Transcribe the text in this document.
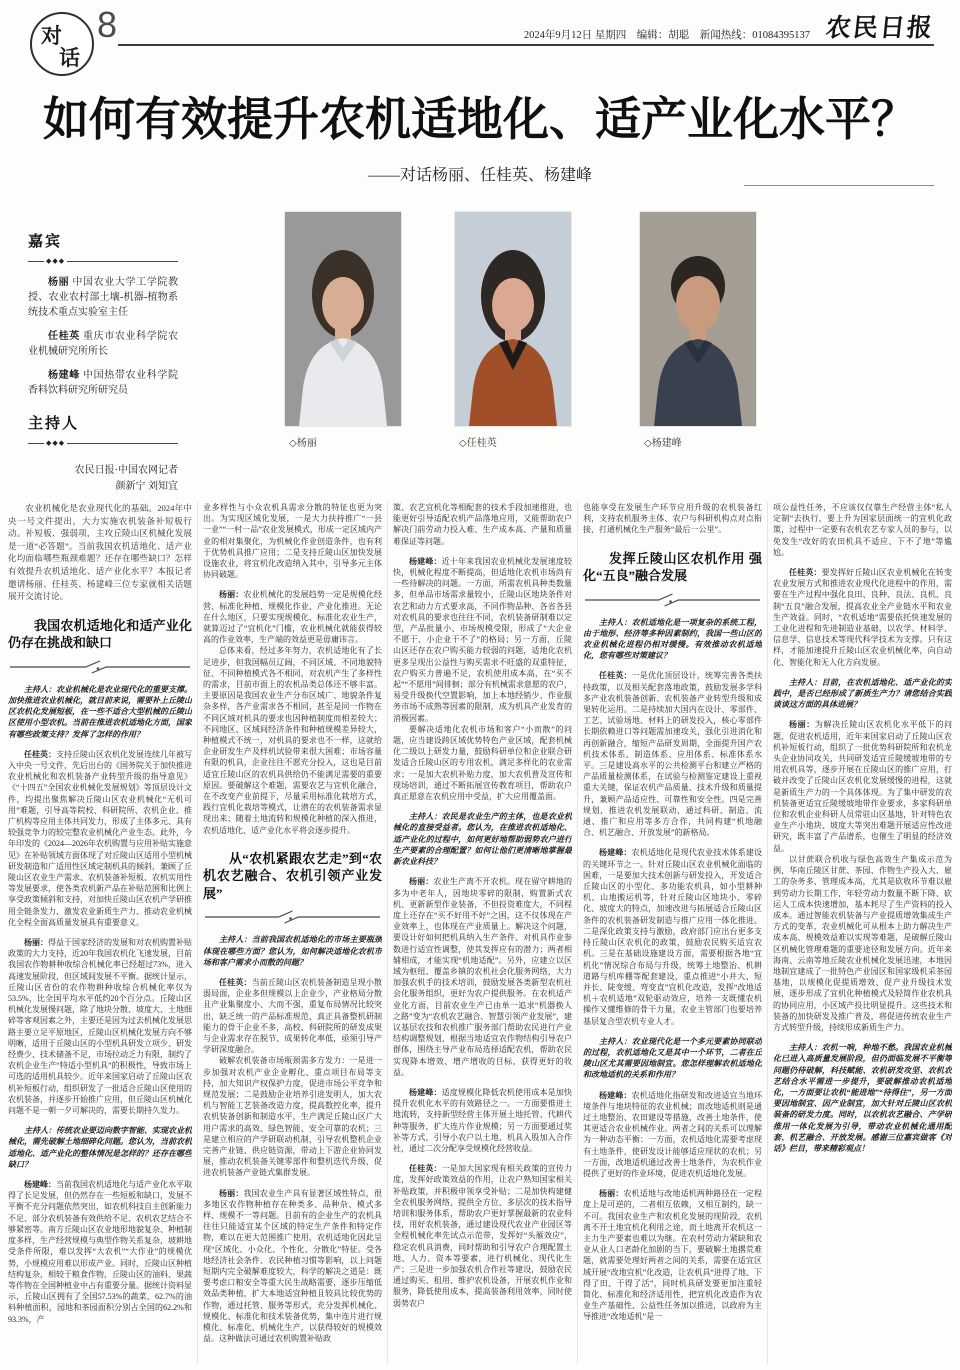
对
话
8	2024年9月12日 星期四　编辑：胡聪　新闻热线：01084395137 农民日报
如何有效提升农机适地化、适产业化水平？
——对话杨丽、任桂英、杨建峰
嘉宾
◆◆◆

杨丽 中国农业大学工学院教授、农业农村部土壤-机器-植物系统技术重点实验室主任

任桂英 重庆市农业科学院农业机械研究所所长

杨建峰 中国热带农业科学院香料饮料研究所研究员

主持人
◆◆◆
农民日报·中国农网记者
颜新宁 刘知宜
◇杨丽	◇任桂英	◇杨建峰

农业机械化是农业现代化的基础。2024年中央一号文件提出，大力实施农机装备补短板行动。补短板、强弱项，主攻丘陵山区机械化发展是一道“必答题”。当前我国农机适地化、适产业化均面临哪些瓶颈难题？还存在哪些缺口？怎样有效提升农机适地化、适产业化水平？本报记者邀请杨丽、任桂英、杨建峰三位专家就相关话题展开交流讨论。

我国农机适地化和适产业化仍存在挑战和缺口

主持人：农业机械化是农业现代化的重要支撑。加快推进农业机械化，就目前来说，需要补上丘陵山区农机化发展短板，在一些不适合大型机械的丘陵山区使用小型农机。当前在推进农机适地化方面，国家有哪些政策支持？发挥了怎样的作用？

任桂英：支持丘陵山区农机化发展连续几年被写入中央一号文件，先后出台的《国务院关于加快推进农业机械化和农机装备产业转型升级的指导意见》《“十四五”全国农业机械化发展规划》等顶层设计文件，均提出聚焦解决丘陵山区农业机械化“无机可用”难题，引导高等院校、科研院所、农机企业、推广机构等应用主体共同发力，形成了主体多元、具有较强竞争力的较完整农业机械化产业生态。此外，今年印发的《2024—2026年农机购置与应用补贴实施意见》在补贴领域方面体现了对丘陵山区适用小型机械研发制造和广适用性区域定制机具的倾斜，兼顾了丘陵山区农业生产需求、农机装备补短板、农机实用性等发展要求，使各类农机新产品在补贴范围和比例上享受政策倾斜和支持，对加快丘陵山区农机产学研推用全链条发力、激发农业新质生产力、推动农业机械化全程全面高质量发展具有重要意义。

杨丽：得益于国家经济的发展和对农机购置补贴政策的大力支持，近20年我国农机化飞速发展，目前我国农作物耕种收综合机械化率已经超过73%，进入高速发展阶段，但区域间发展不平衡。据统计显示，丘陵山区省份的农作物耕种收综合机械化率仅为53.5%，比全国平均水平低约20个百分点。丘陵山区机械化发展慢问题，除了地块分散、坡度大、土地细碎等客观因素之外，主要还是因为过去机械化发展思路主要立足平原地区，丘陵山区机械化发展方向不够明晰，适用于丘陵山区的小型机具研发立项少、研发经费少、技术储备不足，市场拉动乏力有限，制约了农机企业生产“特适小型机具”的积极性，导致市场上可选的适用机具较少。近年来国家启动了丘陵山区农机补短板行动，组织研发了一批适合丘陵山区使用的农机装备，并逐步开始推广应用，但丘陵山区机械化问题不是一朝一夕可解决的，需要长期持久发力。

主持人：传统农业要迈向数字智能、实现农业机械化，需先破解土地细碎化问题。您认为，当前农机适地化、适产业化的整体情况是怎样的？还存在哪些缺口？

杨建峰：当前我国农机适地化与适产业化水平取得了长足发展，但仍然存在一些短板和缺口，发展不平衡不充分问题依然突出，如农机科技自主创新能力不足、部分农机装备有效供给不足、农机农艺结合不够紧密等。南方丘陵山区农业地形地貌复杂、种植制度多样，生产经营规模与典型作物关系复杂，坡耕地受条件所限，难以发挥“大农机”“大作业”的规模优势，小规模应用难以形成产业。同时，丘陵山区种植结构复杂，相较于粮食作物，丘陵山区的油料、果蔬等作物在全国种植业中占有重要分量。据统计资料显示，丘陵山区拥有了全国57.53%的蔬菜、62.7%的油料种植面积，园地和茶园面积分别占全国的62.2%和93.3%，产

业多样性与小众农机具需求分散的特征也更为突出。为实现区域化发展，一是大力扶持推广“一县一业”“一村一品”农业发展模式，形成一定区域内产业的相对集聚化，为机械化作业创造条件，也有利于优势机具推广应用；二是支持丘陵山区加快发展设施农业，将宜机化改造纳入其中，引导多元主体协同破题。

杨丽：农业机械化的发展趋势一定是规模化经营、标准化种植、规模化作业、产业化推进。无论在什么地区，只要实现规模化、标准化农业生产，就算迈过了“宜机化”门槛，农业机械化就能获得较高的作业效率，生产端的效益更是毋庸讳言。

总体来看，经过多年努力，农机适地化有了长足进步，但我国幅员辽阔，不同区域、不同地貌特征、不同种植模式各不相同，对农机产生了多样性的需求，目前市面上的农机品类总体还不够丰富。主要原因是我国农业生产分布区域广、地貌条件复杂多样，各产业需求各不相同，甚至是同一作物在不同区域对机具的要求也因种植制度而相差较大；不同地区、区域间经济条件和种植规模差异较大，种植模式不统一，对机具的要求也不一样，这就给企业研发生产及样机试验带来很大困难；市场容量有限的机具，企业往往不愿充分投入，这也是目前适宜丘陵山区的农机具供给仍不能满足需要的重要原因。要破解这个难题，需要农艺与宜机化融合，在不改变产业前提下，尽量采用标准化栽培方式，践行宜机化栽培等模式，让潜在的农机装备需求显现出来；随着土地流转和规模化种植的深入推进，农机适地化、适产业化水平将会逐步提升。

从“农机紧跟农艺走”到“农机农艺融合、农机引领产业发展”

主持人：当前我国农机适地化的市场主要瓶颈体现在哪些方面？您认为，如何解决适地化农机市场和客户需求小而散的问题？

任桂英：当前丘陵山区农机装备制造呈现小散弱局面，企业多但规模以上企业少，产业格局分散且产业集聚度小、大而不强，重复布局情况比较突出，缺乏统一的产品标准规范，真正具备整机研制能力的骨干企业不多，高校、科研院所的研发成果与企业需求存在脱节、成果转化率低，亟须引导产学研深度融合。

破解农机装备市场瓶颈需多方发力：一是进一步加强对农机产业企业孵化、重点项目布局等支持，加大知识产权保护力度，促进市场公平竞争和规范发展；二是鼓励企业培养引进发明人，加大农机与智能工艺装备改造力度，提高数控化率，提升农机装备创新和制造水平，生产满足丘陵山区广大用户需求的高效、绿色智能、安全可靠的农机；三是建立相应的产学研联动机制，引导农机整机企业完善产业链、供应链资源，带动上下游企业协同发展，推动农机装备关键零部件和整机迭代升级，促进农机装备产业链式集群发展。

杨丽：我国农业生产具有显著区域性特点，很多地区农作物种植存在种类多、品种杂、模式多样、规模不一等问题。目前有的企业生产的农机具往往只能适宜某个区域的特定生产条件和特定作物，难以在更大范围推广使用，农机适地化因此呈现“区域化、小众化、个性化、分散化”特征。受各地经济社会条件、农民种植习惯等影响，以上问题短期内完全破解难度较大，科学的解决之道是：既要考虑口粮安全等重大民生战略需要，逐步压缩低效品类种植，扩大本地适宜种植且较具比较优势的作物，通过托管、服务等形式，充分发挥机械化、规模化、标准化和技术装备优势，集中连片进行规模化、标准化、机械化生产，以获得较好的规模效益。这种做法可通过农机购置补贴政

策、农艺宜机化等相配套的技术手段加速推进，也能更好引导适配农机产品落地应用，又能帮助农户解决门前劳动力投入难、生产成本高、产量和质量难保证等问题。

杨建峰：近十年来我国农业机械化发展速度较快，机械化程度不断提高，但适地化农机市场尚有一些待解决的问题。一方面，所需农机具种类数量多，但单品市场需求量较小，丘陵山区地块条件对农艺和动力方式要求高，不同作物品种、各省各县对农机具的要求也往往不同，农机装备研制难以定型，产品批量小、市场规模受限，形成了“大企业不愿干、小企业干不了”的格局；另一方面，丘陵山区还存在农户购买能力较弱的问题，适地化农机更多呈现出公益性与购买需求不旺盛的双重特征，农户购买力普遍不足，农机使用成本高，在“买不起”“不愿用”间徘徊；部分有机械需求意愿的农户，易受升级换代空置影响，加上本地经销少、作业服务市场不成熟等因素的限制，成为机具产业发育的消极因素。

要解决适地化农机市场和客户“小而散”的问题，应当建设跨区域优势特色产业区域，配套机械化二级以上研发力量，鼓励科研单位和企业联合研发适合丘陵山区的专用农机，满足多样化的农业需求；一是加大农机补贴力度，加大农机普及宣传和现场培训，通过不断拓展宣传教育项目，帮助农户真正愿意在农机应用中受益，扩大应用覆盖面。

主持人：农民是农业生产的主体，也是农业机械化的直接受益者。您认为，在推进农机适地化、适产业化的过程中，如何更好地帮助弱势农户进行生产要素的合理配置？如何让他们更清晰地掌握最新农业科技？

杨丽：农业生产离不开农机。现在留守耕地的多为中老年人，因地块零碎的限制，购置新式农机、更新新型作业装备，不但投资难度大，不同程度上还存在“买不好用不好”之困，这不仅体现在产业效率上，也体现在产业质量上。解决这个问题，要设计好如何把机具纳入生产条件、对机具作业参数进行适宜性调整，使其发挥应有的潜力；两者相辅相成，才能实现“机地适配”。另外，应建立以区域为枢纽、覆盖乡镇的农机社会化服务网络，大力加强农机手的技术培训，鼓励发展各类新型农机社会化服务组织，更好为农户提供服务。在农机适产业化方面，目前农业生产已由单一追求“机器换人之路”变为“农机农艺融合、智慧引领产业发展”，建议基层农技和农机推广服务部门帮助农民进行产业结构调整规划，根据当地适宜农作物结构引导农户群体，围绕主导产业布局选择适配农机，帮助农民实现降本增效、增产增收的目标，获得更好的收益。

杨建峰：适度规模化降低农机使用成本是加快提升农机化水平的有效路径之一。一方面要推进土地流转，支持新型经营主体开展土地托管、代耕代种等服务，扩大连片作业规模；另一方面要通过奖补等方式，引导小农户以土地、机具入股加入合作社，通过二次分配享受规模化经营收益。

任桂英：一是加大国家现有相关政策的宣传力度，发挥好政策效益的作用，让农户熟知国家相关补贴政策，并积极申领享受补贴；二是加快构建健全农机服务网络，提供全方位、多层次的技术指导培训和服务体系，帮助农户更好掌握最新的农业科技，用好农机装备，通过建设现代农业产业园区等全程机械化率先试点示范带，发挥好“头雁效应”，稳定农机具消费，同时帮助和引导农户合理配置土地、人力、资本等要素，进行机械化、现代化生产；三是进一步加强农机合作社等建设，鼓励农民通过购买、租用、维护农机设备，开展农机作业和服务，降低使用成本，提高装备利用效率，同时使弱势农户

也能享受在发展生产环节应用升级的农机装备红利，支持农机服务主体、农户与科研机构点对点衔接，打通机械化生产服务“最后一公里”。

发挥丘陵山区农机作用 强化“五良”融合发展

主持人：农机适地化是一项复杂的系统工程，由于地形、经济等多种因素制约，我国一些山区的农业机械化进程仍相对缓慢。有效推动农机适地化，您有哪些对策建议？

任桂英：一是优化顶层设计，统筹完善各类扶持政策，以及相关配套落地政策，鼓励发展多学科多产业农机装备创新、农机装备产业转型升级和成果转化运用。二是持续加大国内在设计、零部件、工艺、试验场地、材料上的研发投入，核心零部件长期依赖进口等问题需加速攻关，强化引进消化和再创新融合，缩短产品研发周期，全面提升国产农机技术体系、制造体系、应用体系、标准体系水平。三是建设高水平的公共检测平台和建立严格的产品质量检测体系，在试验与检测鉴定建设上重视重大关键，保证农机产品质量、技术升级和质量提升，兼顾产品适应性、可靠性和安全性。四是完善规划，推进农机发展联动，通过科研、制造、流通、推广和应用等多方合作，共同构建“机地融合、机艺融合、开放发展”的新格局。

杨建峰：农机适地化是现代农业技术体系建设的关键环节之一。针对丘陵山区农业机械化面临的困难，一是要加大技术创新与研发投入，开发适合丘陵山区的小型化、多功能农机具，如小型耕种机、山地搬运机等，针对丘陵山区地块小、零碎化、坡度大的特点，加速改进与拓展适合丘陵山区条件的农机装备研发制造与推广应用一体化推进。二是深化政策支持与激励，政府部门应出台更多支持丘陵山区农机化的政策，鼓励农民购买适宜农机。三是在基础设施建设方面，需要根据各地“宜机化”情况综合布局与升级，统筹土地整治、机耕道路与机库棚等配套建设，重点推进“小并大、短并长、陡变缓、弯变直”宜机化改造，发挥“改地适机＋农机适地”双轮驱动效应，培养一支既懂农机操作又懂维修的骨干力量，农业主管部门也要培养基层复合型农机专业人才。

主持人：农业现代化是一个多元要素协同联动的过程，农机适地化又是其中一个环节，二者在丘陵山区尤其需要因地制宜。您怎样理解农机适地化和改地适机的关系和作用？

杨建峰：农机适地化指研发和改进适宜当地环境条件与地块特征的农业机械；而改地适机则是通过土地整治、农田建设等措施，改善土地条件，使其更适合农业机械作业。两者之间的关系可以理解为一种动态平衡：一方面，农机适地化需要考虑现有土地条件，使研发设计能够适应现状的农机；另一方面，改地适机通过改善土地条件，为农机作业提供了更好的作业环境，促进农机适地化发展。

杨丽：农机适地与改地适机两种路径在一定程度上是可逆的，二者相互依赖，又相互制约，缺一不可。我国农业生产和农机化发展的现阶段，农机离不开土地宜机化利用之途，而土地离开农机这一主力生产要素也难以为继。在农村劳动力紧缺和农业从业人口老龄化加剧的当下，要破解土地撂荒难题，就需要处理好两者之间的关系，需要在适宜区域开展“改地宜机”化改造，让农机具“进得了地、下得了田、干得了活”，同时机具研发要更加注重轻简化、标准化和经济适用性，把宜机化改造作为农业生产基础性、公益性任务加以推进，以政府为主导推进“改地适机”是一

项公益性任务，不应该仅仅靠生产经营主体“私人定制”去执行，要上升为国家层面统一的宜机化政策，过程中一定要有农机农艺专家人员的参与，以免发生“改好的农田机具不适应、下不了地”等尴尬。

任桂英：要发挥好丘陵山区农业机械化在转变农业发展方式和推进农业现代化进程中的作用，需要在生产过程中强化良田、良种、良法、良机、良制“五良”融合发展，提高农业全产业链水平和农业生产效益。同时，“农机适地”需要依托快速发展的工业化进程和先进制造业基础，以农学、材料学、信息学、信息技术等现代科学技术为支撑。只有这样，才能加速提升丘陵山区农业机械化率，向自动化、智能化和无人化方向发展。

主持人：目前，在农机适地化、适产业化的实践中，是否已经形成了新质生产力？请您结合实践谈谈这方面的具体进展？

杨丽：为解决丘陵山区农机化水平低下的问题，促进农机适用，近年来国家启动了丘陵山区农机补短板行动，组织了一批优势科研院所和农机龙头企业协同攻关，共同研发适宜丘陵缓坡地带的专用农机具等，逐步开展在丘陵山区的推广应用，打破并改变了丘陵山区农机化发展缓慢的进程，这就是新质生产力的一个具体体现。为了集中研发的农机装备更适宜丘陵缓坡地带作业要求，多家科研单位和农机企业科研人员常驻山区基地，针对特色农业生产小地块、坡度大等突出难题开展适应性改进研究，既丰富了产品谱系，也催生了明显的经济效益。

以甘蔗联合机收与绿色高效生产集成示范为例，华南丘陵区甘蔗、茶园、作物生产投入大、雇工的杂务多、管理成本高，尤其是砍收环节难以雇到劳动力长期工作，年轻劳动力数量不断下降、砍运人工成本快速增加，基本耗尽了生产资料的投入成本。通过智能农机装备与产业提质增效集成生产方式的变革，农业机械化可从根本上助力解决生产成本高、规模效益难以实现等难题，是破解丘陵山区机械化管理难题的重要途径和发展方向。近年来海南、云南等地丘陵农业机械化发展迅速，本地因地制宜建成了一批特色产业园区和国家级机采茶园基地，以规模化促提质增效、促产业升级技术发展，逐步形成了宜机化种植模式及轻简作业农机具的协同应用，小区域产投比明显提升。这些技术和装备的加快研发及推广普及，将促进传统农业生产方式转型升级，持续形成新质生产力。

主持人：农机一响，种地不愁。我国农业机械化已进入高质量发展阶段，但仍面临发展不平衡等问题仍待破解，科技赋能、农机研发攻坚、农机农艺结合水平需进一步提升，要破解推动农机适地化，一方面要让农机“能进地”“待得住”，另一方面要因地制宜、因产业制宜，加大针对丘陵山区农机装备的研发力度。同时，以农机农艺融合、产学研推用一体化发展为引导，带动农业机械化通用配套、机艺融合、开放发展。感谢三位嘉宾做客《对话》栏目，带来精彩观点！
